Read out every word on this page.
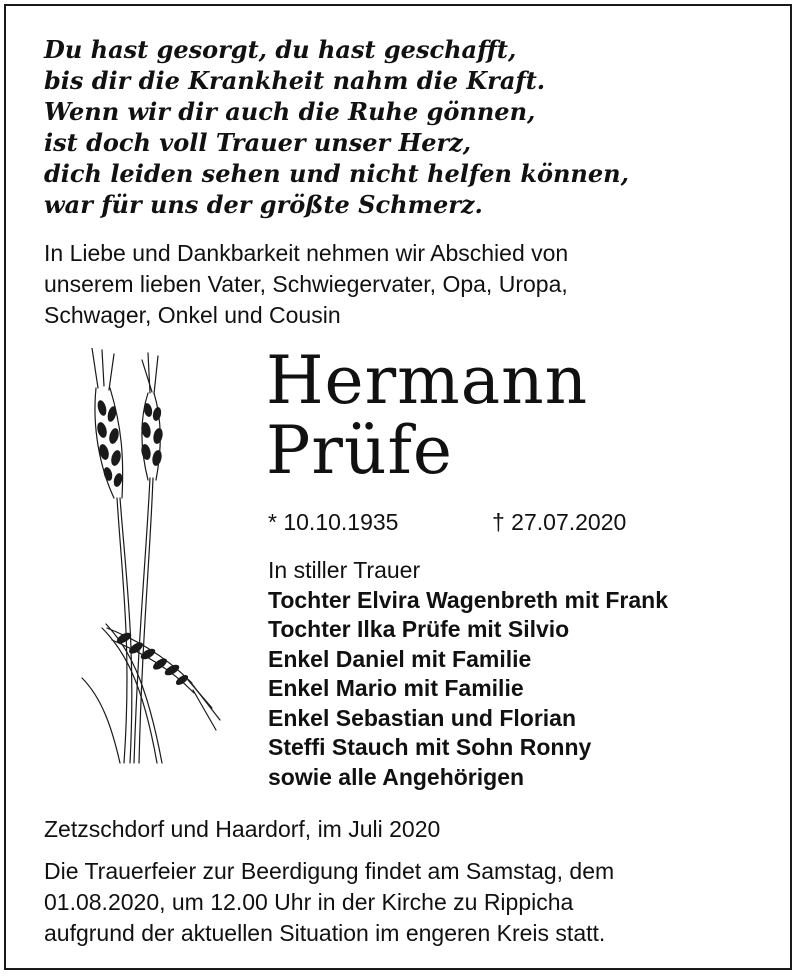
Du hast gesorgt, du hast geschafft,
bis dir die Krankheit nahm die Kraft.
Wenn wir dir auch die Ruhe gönnen,
ist doch voll Trauer unser Herz,
dich leiden sehen und nicht helfen können,
war für uns der größte Schmerz.
In Liebe und Dankbarkeit nehmen wir Abschied von
unserem lieben Vater, Schwiegervater, Opa, Uropa,
Schwager, Onkel und Cousin
Hermann
Prüfe
* 10.10.1935	† 27.07.2020
In stiller Trauer
Tochter Elvira Wagenbreth mit Frank
Tochter Ilka Prüfe mit Silvio
Enkel Daniel mit Familie
Enkel Mario mit Familie
Enkel Sebastian und Florian
Steffi Stauch mit Sohn Ronny
sowie alle Angehörigen
Zetzschdorf und Haardorf, im Juli 2020
Die Trauerfeier zur Beerdigung findet am Samstag, dem
01.08.2020, um 12.00 Uhr in der Kirche zu Rippicha
aufgrund der aktuellen Situation im engeren Kreis statt.
